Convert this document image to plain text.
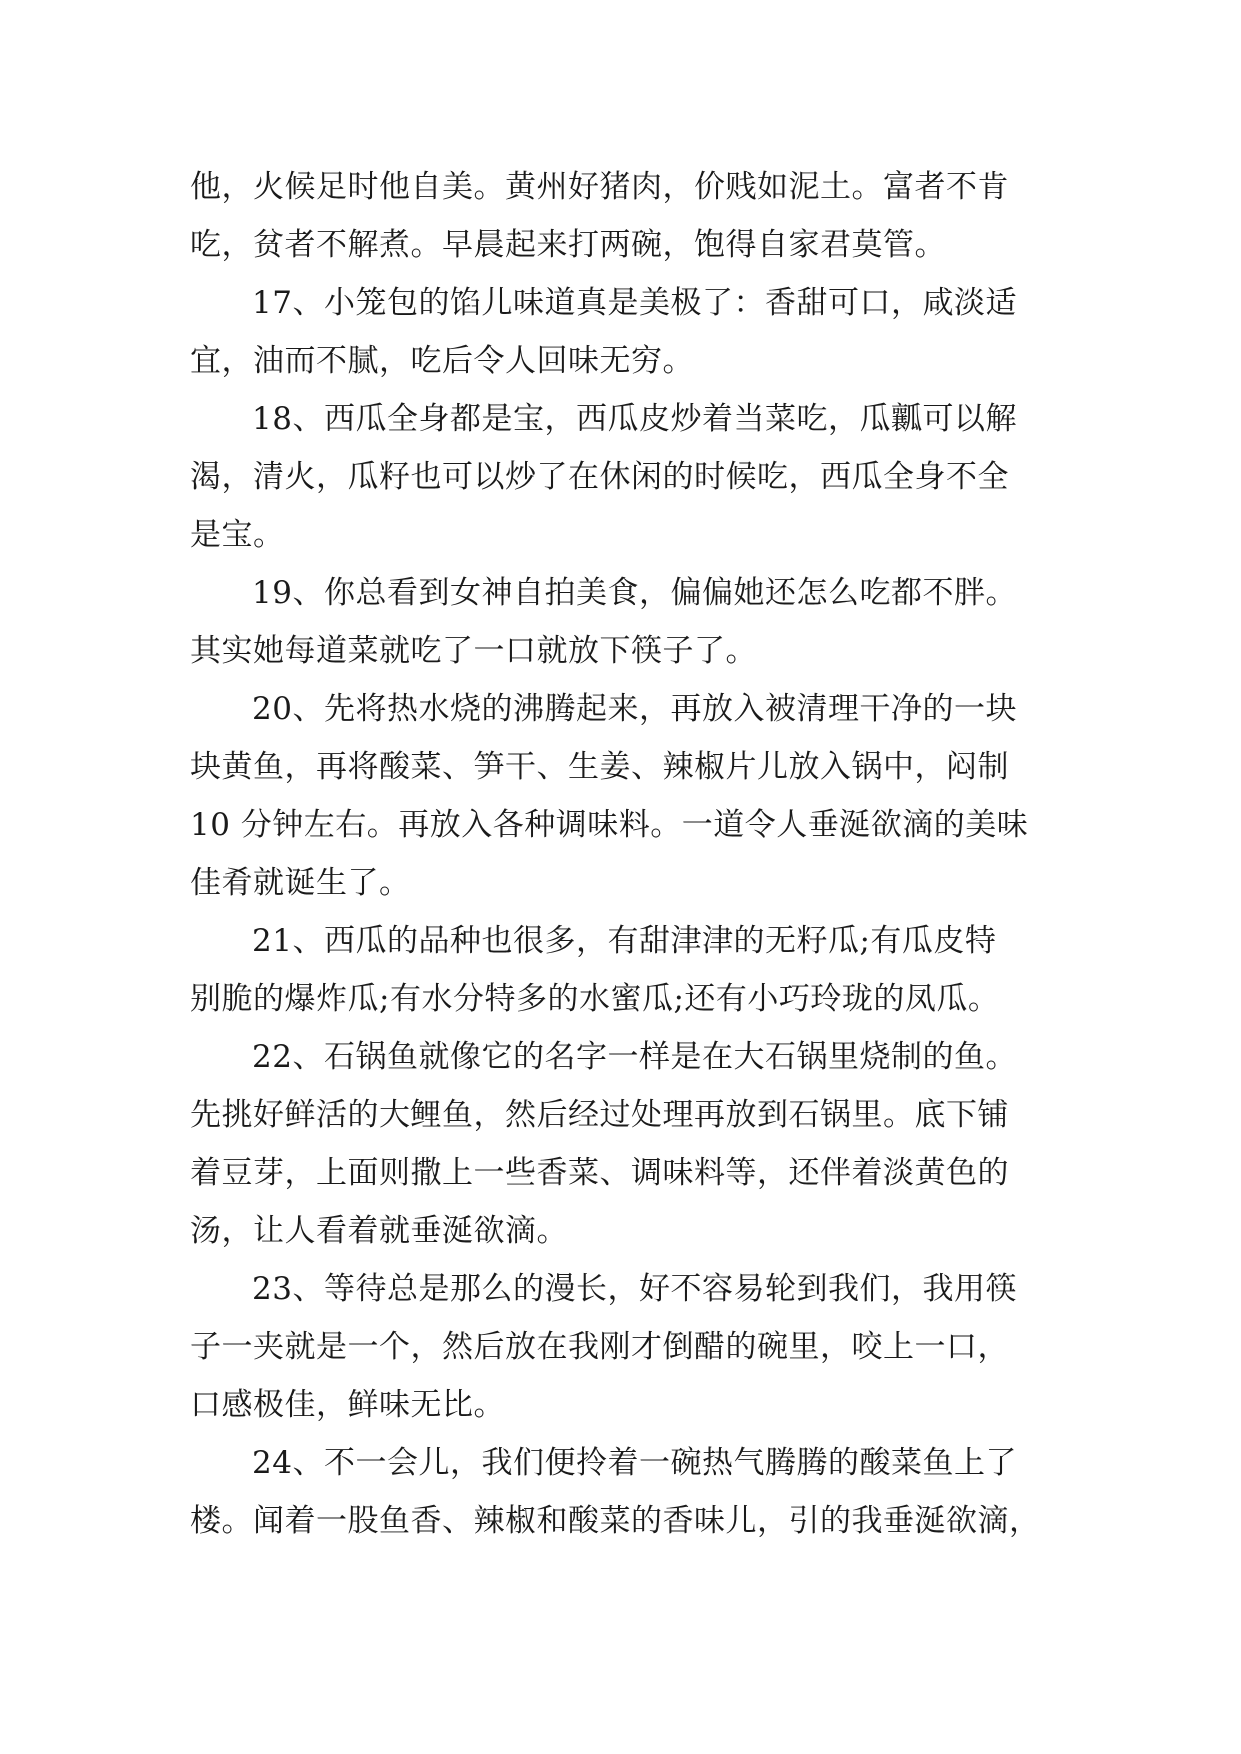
他，火候足时他自美。黄州好猪肉，价贱如泥土。富者不肯
吃，贫者不解煮。早晨起来打两碗，饱得自家君莫管。
17、小笼包的馅儿味道真是美极了：香甜可口，咸淡适
宜，油而不腻，吃后令人回味无穷。
18、西瓜全身都是宝，西瓜皮炒着当菜吃，瓜瓤可以解
渴，清火，瓜籽也可以炒了在休闲的时候吃，西瓜全身不全
是宝。
19、你总看到女神自拍美食，偏偏她还怎么吃都不胖。
其实她每道菜就吃了一口就放下筷子了。
20、先将热水烧的沸腾起来，再放入被清理干净的一块
块黄鱼，再将酸菜、笋干、生姜、辣椒片儿放入锅中，闷制
10 分钟左右。再放入各种调味料。一道令人垂涎欲滴的美味
佳肴就诞生了。
21、西瓜的品种也很多，有甜津津的无籽瓜;有瓜皮特
别脆的爆炸瓜;有水分特多的水蜜瓜;还有小巧玲珑的凤瓜。
22、石锅鱼就像它的名字一样是在大石锅里烧制的鱼。
先挑好鲜活的大鲤鱼，然后经过处理再放到石锅里。底下铺
着豆芽，上面则撒上一些香菜、调味料等，还伴着淡黄色的
汤，让人看着就垂涎欲滴。
23、等待总是那么的漫长，好不容易轮到我们，我用筷
子一夹就是一个，然后放在我刚才倒醋的碗里，咬上一口，
口感极佳，鲜味无比。
24、不一会儿，我们便拎着一碗热气腾腾的酸菜鱼上了
楼。闻着一股鱼香、辣椒和酸菜的香味儿，引的我垂涎欲滴，
